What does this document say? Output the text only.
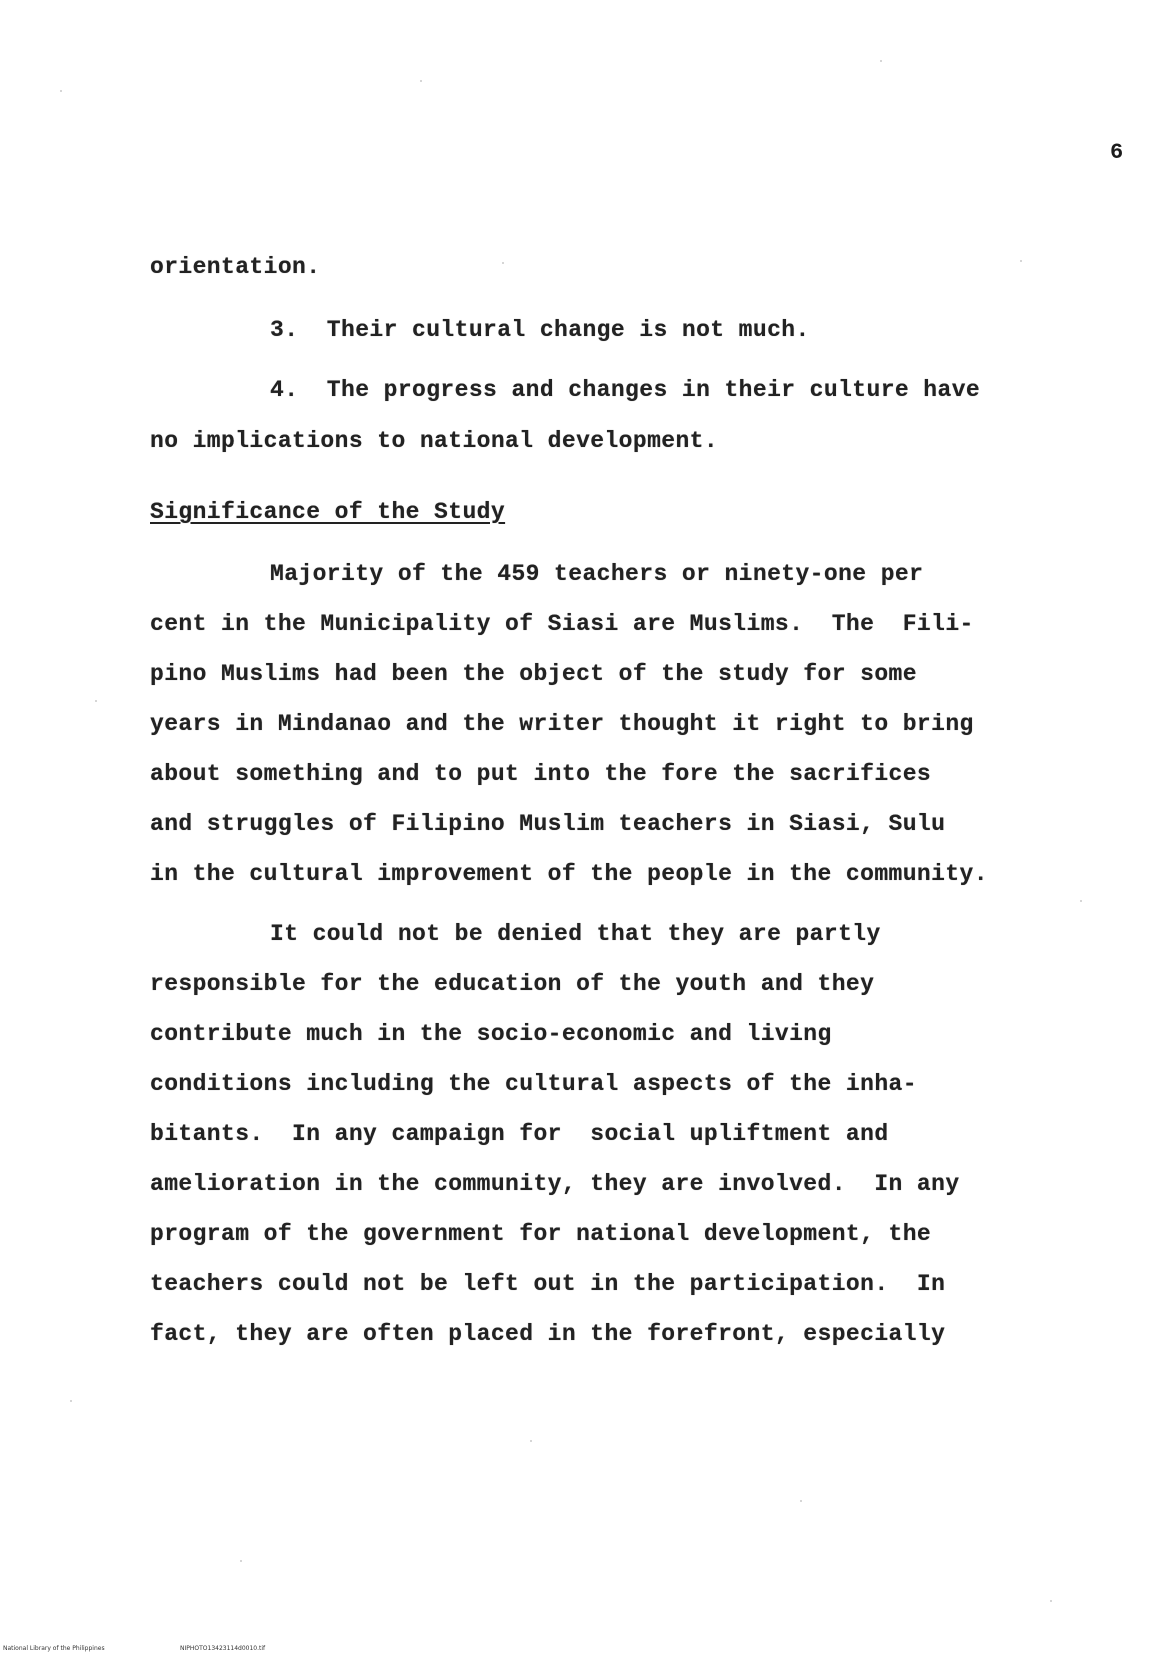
6
orientation.
3.  Their cultural change is not much.
4.  The progress and changes in their culture have
no implications to national development.
Significance of the Study
Majority of the 459 teachers or ninety-one per
cent in the Municipality of Siasi are Muslims.  The  Fili-
pino Muslims had been the object of the study for some
years in Mindanao and the writer thought it right to bring
about something and to put into the fore the sacrifices
and struggles of Filipino Muslim teachers in Siasi, Sulu
in the cultural improvement of the people in the community.
It could not be denied that they are partly
responsible for the education of the youth and they
contribute much in the socio-economic and living
conditions including the cultural aspects of the inha-
bitants.  In any campaign for  social upliftment and
amelioration in the community, they are involved.  In any
program of the government for national development, the
teachers could not be left out in the participation.  In
fact, they are often placed in the forefront, especially
National Library of the Philippines	NIPHOTO13423114d0010.tif
